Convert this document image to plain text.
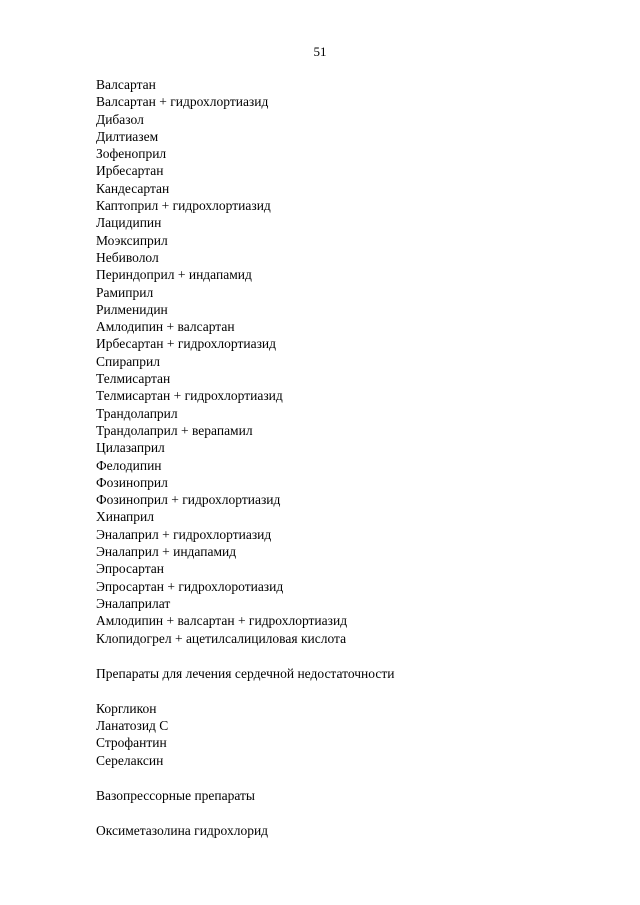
51
Валсартан
Валсартан + гидрохлортиазид
Дибазол
Дилтиазем
Зофеноприл
Ирбесартан
Кандесартан
Каптоприл + гидрохлортиазид
Лацидипин
Моэксиприл
Небиволол
Периндоприл + индапамид
Рамиприл
Рилменидин
Амлодипин + валсартан
Ирбесартан + гидрохлортиазид
Спираприл
Телмисартан
Телмисартан + гидрохлортиазид
Трандолаприл
Трандолаприл + верапамил
Цилазаприл
Фелодипин
Фозиноприл
Фозиноприл + гидрохлортиазид
Хинаприл
Эналаприл + гидрохлортиазид
Эналаприл + индапамид
Эпросартан
Эпросартан + гидрохлоротиазид
Эналаприлат
Амлодипин + валсартан + гидрохлортиазид
Клопидогрел + ацетилсалициловая кислота
Препараты для лечения сердечной недостаточности
Коргликон
Ланатозид С
Строфантин
Серелаксин
Вазопрессорные препараты
Оксиметазолина гидрохлорид
